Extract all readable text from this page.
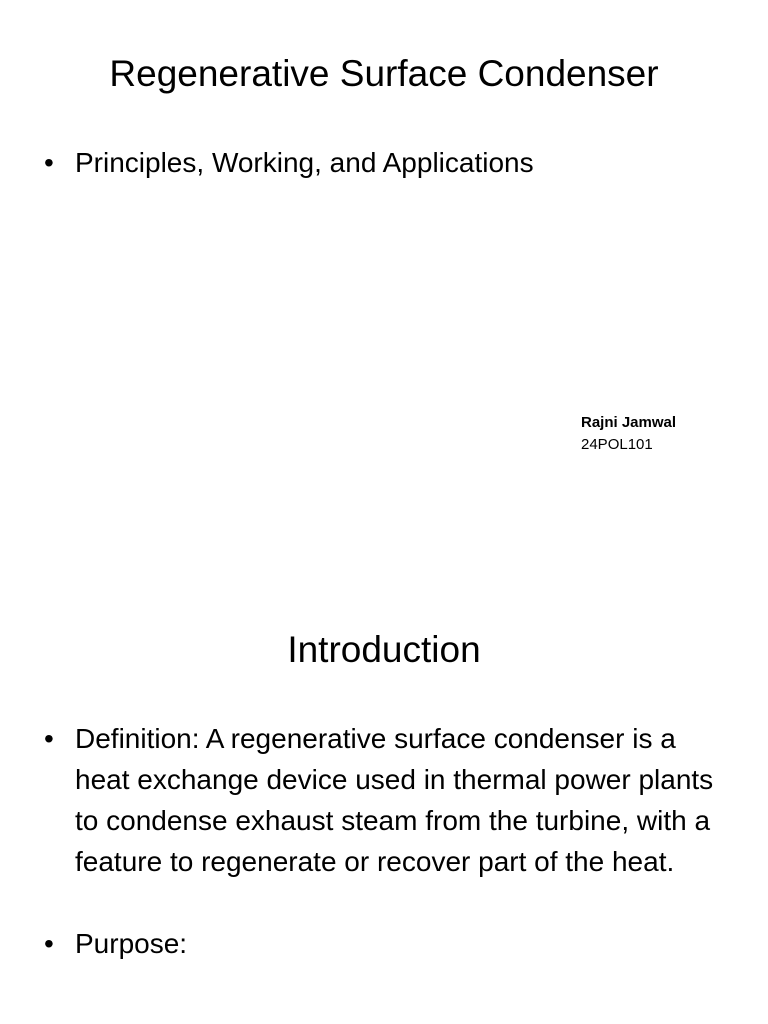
Regenerative Surface Condenser
• Principles, Working, and Applications
Rajni Jamwal
24POL101
Introduction
• Definition: A regenerative surface condenser is a heat exchange device used in thermal power plants to condense exhaust steam from the turbine, with a feature to regenerate or recover part of the heat.
• Purpose:
